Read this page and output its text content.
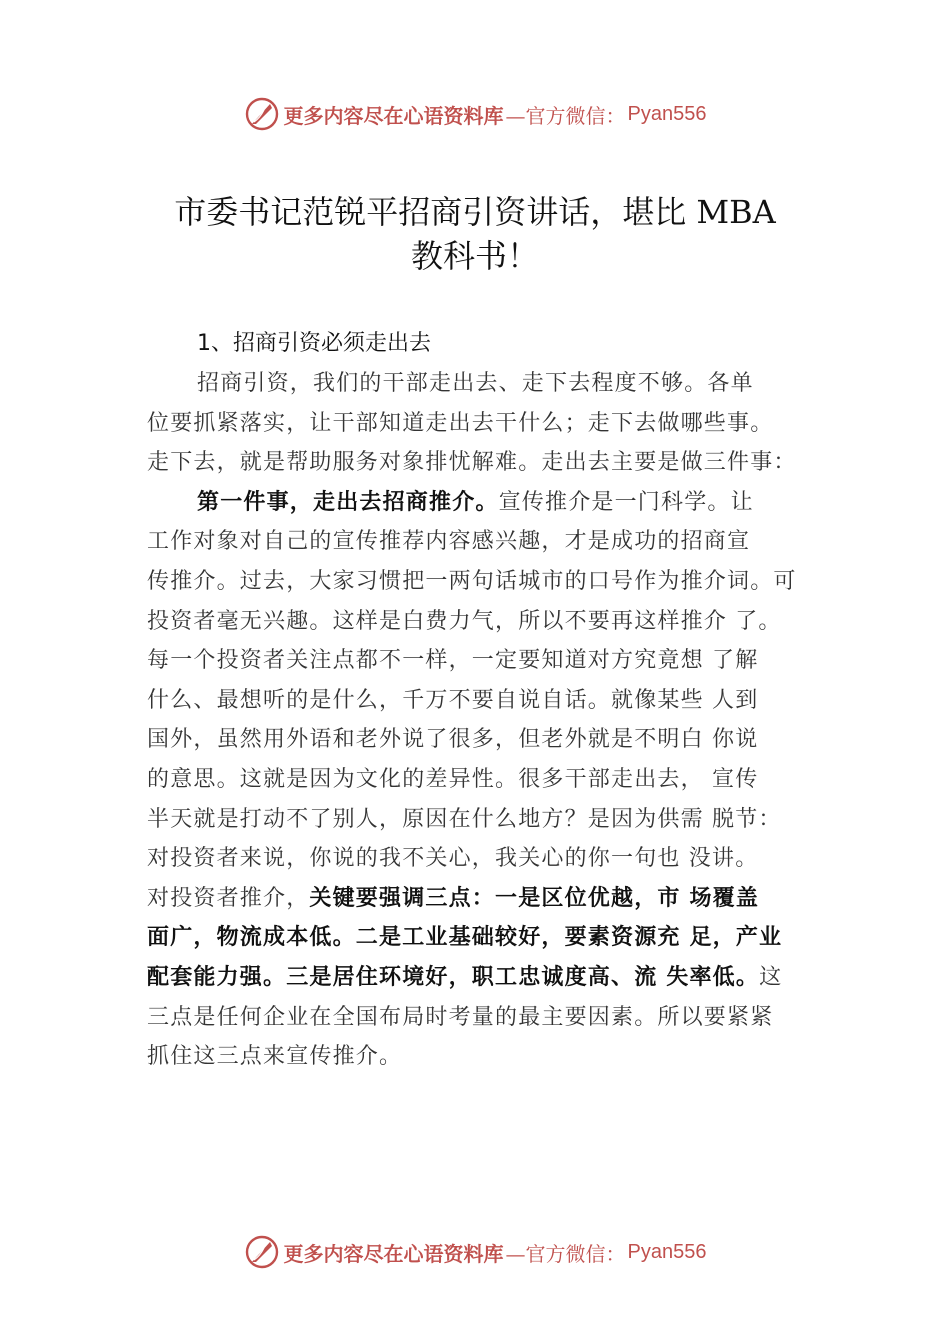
更多内容尽在心语资料库 —官方微信： Pyan556
市委书记范锐平招商引资讲话，堪比 MBA
教科书！
1、招商引资必须走出去
招商引资，我们的干部走出去、走下去程度不够。各单
位要抓紧落实，让干部知道走出去干什么；走下去做哪些事。
走下去，就是帮助服务对象排忧解难。走出去主要是做三件事：
第一件事，走出去招商推介。宣传推介是一门科学。让
工作对象对自己的宣传推荐内容感兴趣，才是成功的招商宣
传推介。过去，大家习惯把一两句话城市的口号作为推介词。可
投资者毫无兴趣。这样是白费力气，所以不要再这样推介 了。
每一个投资者关注点都不一样，一定要知道对方究竟想 了解
什么、最想听的是什么，千万不要自说自话。就像某些 人到
国外，虽然用外语和老外说了很多，但老外就是不明白 你说
的意思。这就是因为文化的差异性。很多干部走出去， 宣传
半天就是打动不了别人，原因在什么地方？是因为供需 脱节：
对投资者来说，你说的我不关心，我关心的你一句也 没讲。
对投资者推介，关键要强调三点：一是区位优越，市 场覆盖
面广，物流成本低。二是工业基础较好，要素资源充 足，产业
配套能力强。三是居住环境好，职工忠诚度高、流 失率低。这
三点是任何企业在全国布局时考量的最主要因素。所以要紧紧
抓住这三点来宣传推介。
更多内容尽在心语资料库 —官方微信： Pyan556
